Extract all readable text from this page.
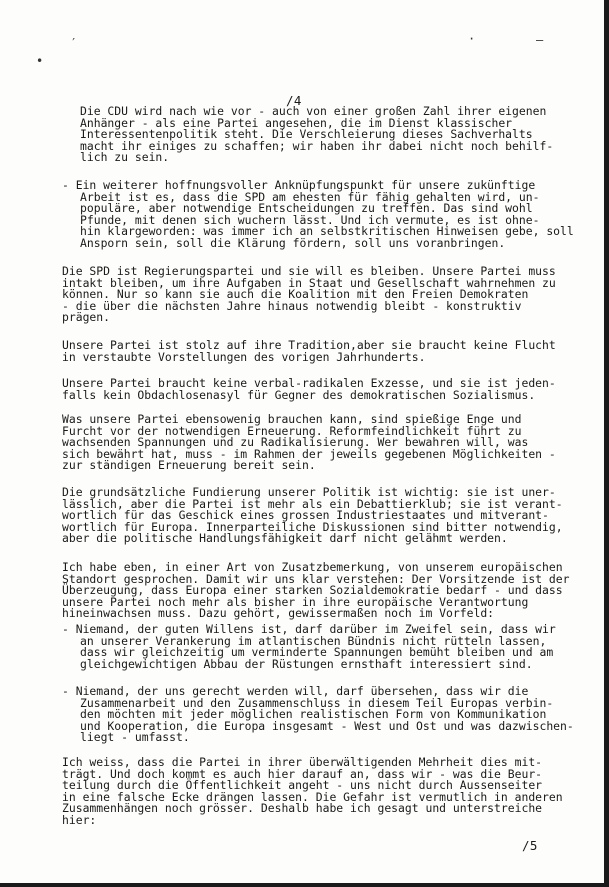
′
•
·	—
/4
Die CDU wird nach wie vor - auch von einer großen Zahl ihrer eigenen
Anhänger - als eine Partei angesehen, die im Dienst klassischer
Interessentenpolitik steht. Die Verschleierung dieses Sachverhalts
macht ihr einiges zu schaffen; wir haben ihr dabei nicht noch behilf-
lich zu sein.
- Ein weiterer hoffnungsvoller Anknüpfungspunkt für unsere zukünftige
Arbeit ist es, dass die SPD am ehesten für fähig gehalten wird, un-
populäre, aber notwendige Entscheidungen zu treffen. Das sind wohl
Pfunde, mit denen sich wuchern lässt. Und ich vermute, es ist ohne-
hin klargeworden: was immer ich an selbstkritischen Hinweisen gebe, soll
Ansporn sein, soll die Klärung fördern, soll uns voranbringen.
Die SPD ist Regierungspartei und sie will es bleiben. Unsere Partei muss
intakt bleiben, um ihre Aufgaben in Staat und Gesellschaft wahrnehmen zu
können. Nur so kann sie auch die Koalition mit den Freien Demokraten
- die über die nächsten Jahre hinaus notwendig bleibt - konstruktiv
prägen.
Unsere Partei ist stolz auf ihre Tradition,aber sie braucht keine Flucht
in verstaubte Vorstellungen des vorigen Jahrhunderts.
Unsere Partei braucht keine verbal-radikalen Exzesse, und sie ist jeden-
falls kein Obdachlosenasyl für Gegner des demokratischen Sozialismus.
Was unsere Partei ebensowenig brauchen kann, sind spießige Enge und
Furcht vor der notwendigen Erneuerung. Reformfeindlichkeit führt zu
wachsenden Spannungen und zu Radikalisierung. Wer bewahren will, was
sich bewährt hat, muss - im Rahmen der jeweils gegebenen Möglichkeiten -
zur ständigen Erneuerung bereit sein.
Die grundsätzliche Fundierung unserer Politik ist wichtig: sie ist uner-
lässlich, aber die Partei ist mehr als ein Debattierklub; sie ist verant-
wortlich für das Geschick eines grossen Industriestaates und mitverant-
wortlich für Europa. Innerparteiliche Diskussionen sind bitter notwendig,
aber die politische Handlungsfähigkeit darf nicht gelähmt werden.
Ich habe eben, in einer Art von Zusatzbemerkung, von unserem europäischen
Standort gesprochen. Damit wir uns klar verstehen: Der Vorsitzende ist der
Überzeugung, dass Europa einer starken Sozialdemokratie bedarf - und dass
unsere Partei noch mehr als bisher in ihre europäische Verantwortung
hineinwachsen muss. Dazu gehört, gewissermaßen noch im Vorfeld:
- Niemand, der guten Willens ist, darf darüber im Zweifel sein, dass wir
an unserer Verankerung im atlantischen Bündnis nicht rütteln lassen,
dass wir gleichzeitig um verminderte Spannungen bemüht bleiben und am
gleichgewichtigen Abbau der Rüstungen ernsthaft interessiert sind.
- Niemand, der uns gerecht werden will, darf übersehen, dass wir die
Zusammenarbeit und den Zusammenschluss in diesem Teil Europas verbin-
den möchten mit jeder möglichen realistischen Form von Kommunikation
und Kooperation, die Europa insgesamt - West und Ost und was dazwischen-
liegt - umfasst.
Ich weiss, dass die Partei in ihrer überwältigenden Mehrheit dies mit-
trägt. Und doch kommt es auch hier darauf an, dass wir - was die Beur-
teilung durch die Öffentlichkeit angeht - uns nicht durch Aussenseiter
in eine falsche Ecke drängen lassen. Die Gefahr ist vermutlich in anderen
Zusammenhängen noch grösser. Deshalb habe ich gesagt und unterstreiche
hier:
/5
